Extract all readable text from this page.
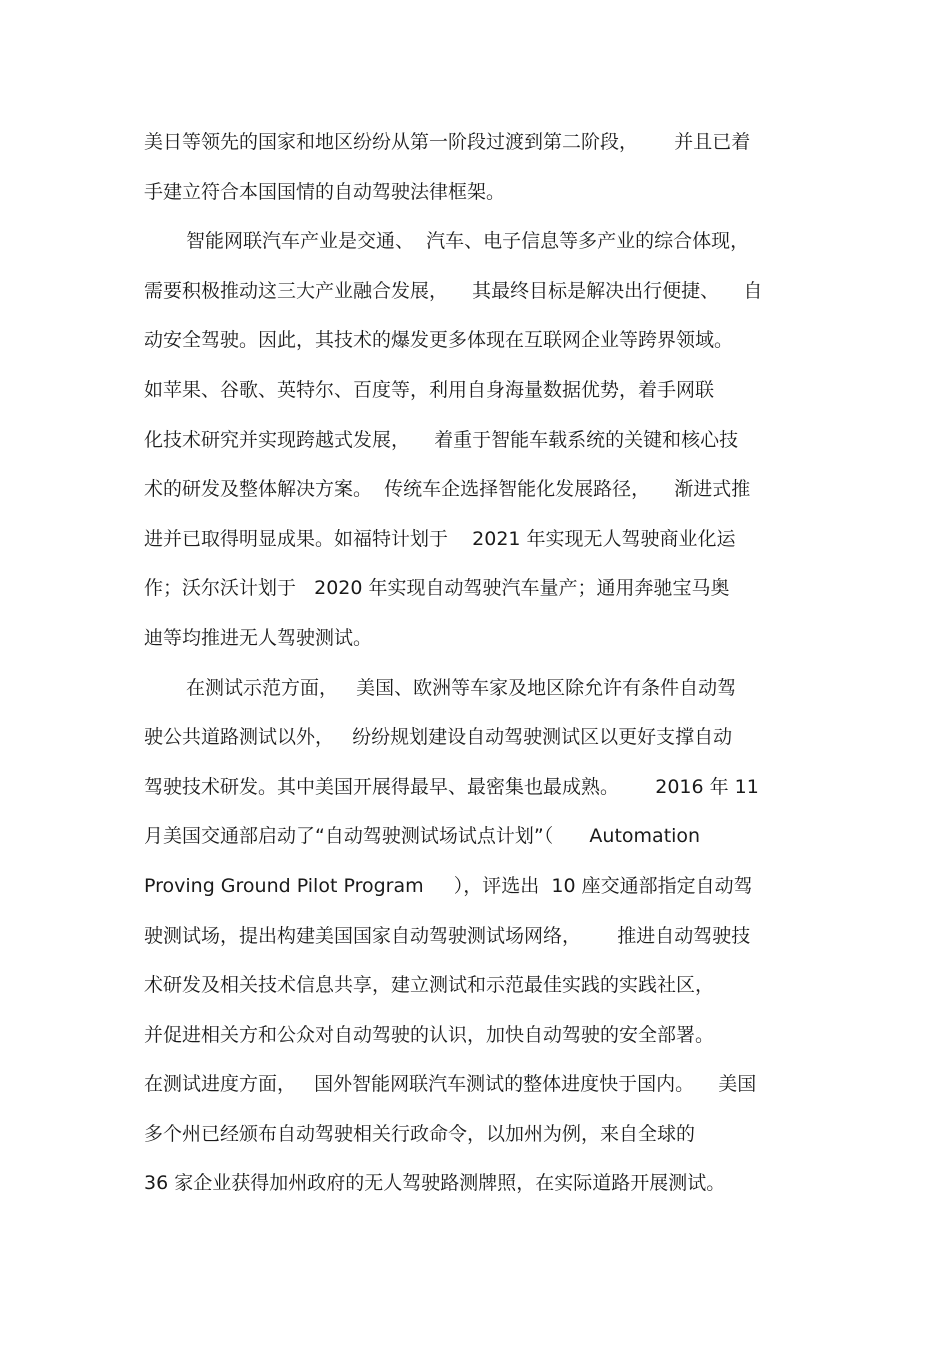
美日等领先的国家和地区纷纷从第一阶段过渡到第二阶段，      并且已着
手建立符合本国国情的自动驾驶法律框架。
智能网联汽车产业是交通、  汽车、电子信息等多产业的综合体现，
需要积极推动这三大产业融合发展，    其最终目标是解决出行便捷、    自
动安全驾驶。因此，其技术的爆发更多体现在互联网企业等跨界领域。
如苹果、谷歌、英特尔、百度等，利用自身海量数据优势，着手网联
化技术研究并实现跨越式发展，    着重于智能车载系统的关键和核心技
术的研发及整体解决方案。  传统车企选择智能化发展路径，    渐进式推
进并已取得明显成果。如福特计划于    2021 年实现无人驾驶商业化运
作；沃尔沃计划于   2020 年实现自动驾驶汽车量产；通用奔驰宝马奥
迪等均推进无人驾驶测试。
在测试示范方面，   美国、欧洲等车家及地区除允许有条件自动驾
驶公共道路测试以外，   纷纷规划建设自动驾驶测试区以更好支撑自动
驾驶技术研发。其中美国开展得最早、最密集也最成熟。      2016 年 11
月美国交通部启动了“自动驾驶测试场试点计划”（      Automation
Proving Ground Pilot Program     ），评选出  10 座交通部指定自动驾
驶测试场，提出构建美国国家自动驾驶测试场网络，      推进自动驾驶技
术研发及相关技术信息共享，建立测试和示范最佳实践的实践社区，
并促进相关方和公众对自动驾驶的认识，加快自动驾驶的安全部署。
在测试进度方面，   国外智能网联汽车测试的整体进度快于国内。    美国
多个州已经颁布自动驾驶相关行政命令，以加州为例，来自全球的
36 家企业获得加州政府的无人驾驶路测牌照，在实际道路开展测试。
